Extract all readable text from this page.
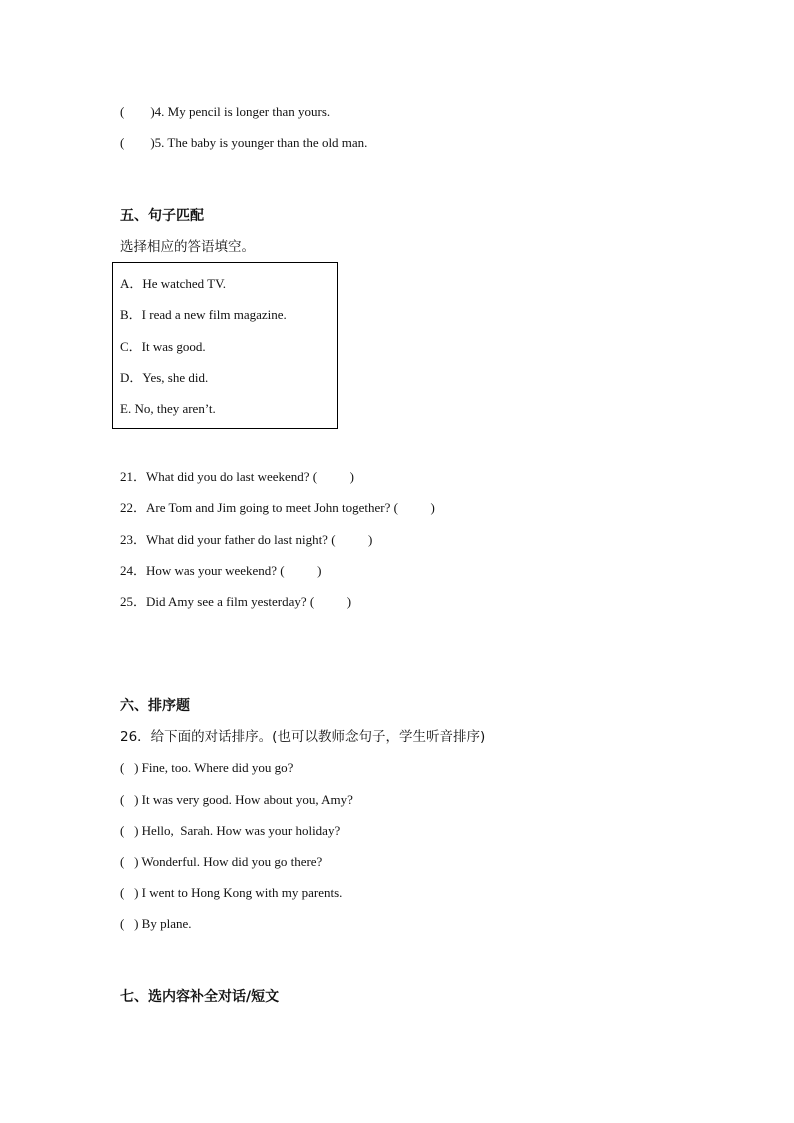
(        )4. My pencil is longer than yours.
(        )5. The baby is younger than the old man.
五、句子匹配
选择相应的答语填空。
A．He watched TV.
B．I read a new film magazine.
C．It was good.
D．Yes, she did.
E. No, they aren’t.
21．What did you do last weekend? (          )
22．Are Tom and Jim going to meet John together? (          )
23．What did your father do last night? (          )
24．How was your weekend? (          )
25．Did Amy see a film yesterday? (          )
六、排序题
26．给下面的对话排序。(也可以教师念句子，学生听音排序)
(   ) Fine, too. Where did you go?
(   ) It was very good. How about you, Amy?
(   ) Hello,  Sarah. How was your holiday?
(   ) Wonderful. How did you go there?
(   ) I went to Hong Kong with my parents.
(   ) By plane.
七、选内容补全对话/短文
